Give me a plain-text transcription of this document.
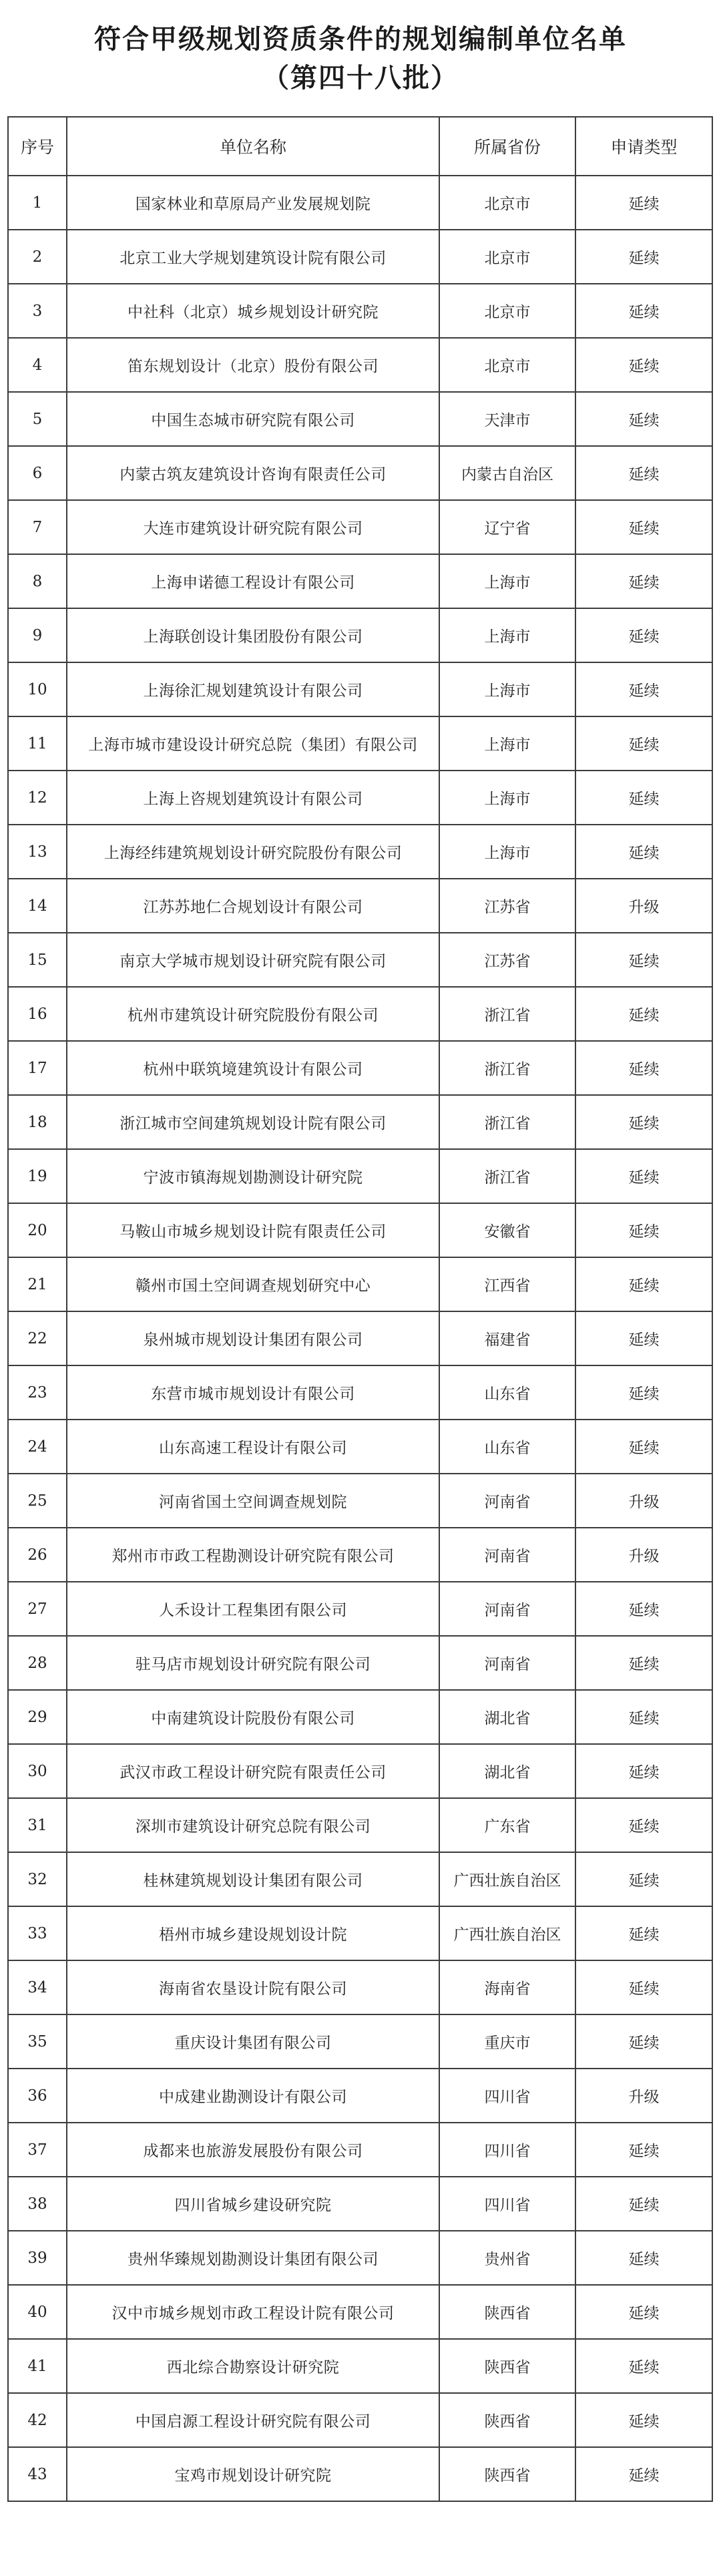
符合甲级规划资质条件的规划编制单位名单
（第四十八批）
序号	单位名称	所属省份	申请类型
1	国家林业和草原局产业发展规划院	北京市	延续
2	北京工业大学规划建筑设计院有限公司	北京市	延续
3	中社科（北京）城乡规划设计研究院	北京市	延续
4	笛东规划设计（北京）股份有限公司	北京市	延续
5	中国生态城市研究院有限公司	天津市	延续
6	内蒙古筑友建筑设计咨询有限责任公司	内蒙古自治区	延续
7	大连市建筑设计研究院有限公司	辽宁省	延续
8	上海申诺德工程设计有限公司	上海市	延续
9	上海联创设计集团股份有限公司	上海市	延续
10	上海徐汇规划建筑设计有限公司	上海市	延续
11	上海市城市建设设计研究总院（集团）有限公司	上海市	延续
12	上海上咨规划建筑设计有限公司	上海市	延续
13	上海经纬建筑规划设计研究院股份有限公司	上海市	延续
14	江苏苏地仁合规划设计有限公司	江苏省	升级
15	南京大学城市规划设计研究院有限公司	江苏省	延续
16	杭州市建筑设计研究院股份有限公司	浙江省	延续
17	杭州中联筑境建筑设计有限公司	浙江省	延续
18	浙江城市空间建筑规划设计院有限公司	浙江省	延续
19	宁波市镇海规划勘测设计研究院	浙江省	延续
20	马鞍山市城乡规划设计院有限责任公司	安徽省	延续
21	赣州市国土空间调查规划研究中心	江西省	延续
22	泉州城市规划设计集团有限公司	福建省	延续
23	东营市城市规划设计有限公司	山东省	延续
24	山东高速工程设计有限公司	山东省	延续
25	河南省国土空间调查规划院	河南省	升级
26	郑州市市政工程勘测设计研究院有限公司	河南省	升级
27	人禾设计工程集团有限公司	河南省	延续
28	驻马店市规划设计研究院有限公司	河南省	延续
29	中南建筑设计院股份有限公司	湖北省	延续
30	武汉市政工程设计研究院有限责任公司	湖北省	延续
31	深圳市建筑设计研究总院有限公司	广东省	延续
32	桂林建筑规划设计集团有限公司	广西壮族自治区	延续
33	梧州市城乡建设规划设计院	广西壮族自治区	延续
34	海南省农垦设计院有限公司	海南省	延续
35	重庆设计集团有限公司	重庆市	延续
36	中成建业勘测设计有限公司	四川省	升级
37	成都来也旅游发展股份有限公司	四川省	延续
38	四川省城乡建设研究院	四川省	延续
39	贵州华臻规划勘测设计集团有限公司	贵州省	延续
40	汉中市城乡规划市政工程设计院有限公司	陕西省	延续
41	西北综合勘察设计研究院	陕西省	延续
42	中国启源工程设计研究院有限公司	陕西省	延续
43	宝鸡市规划设计研究院	陕西省	延续
